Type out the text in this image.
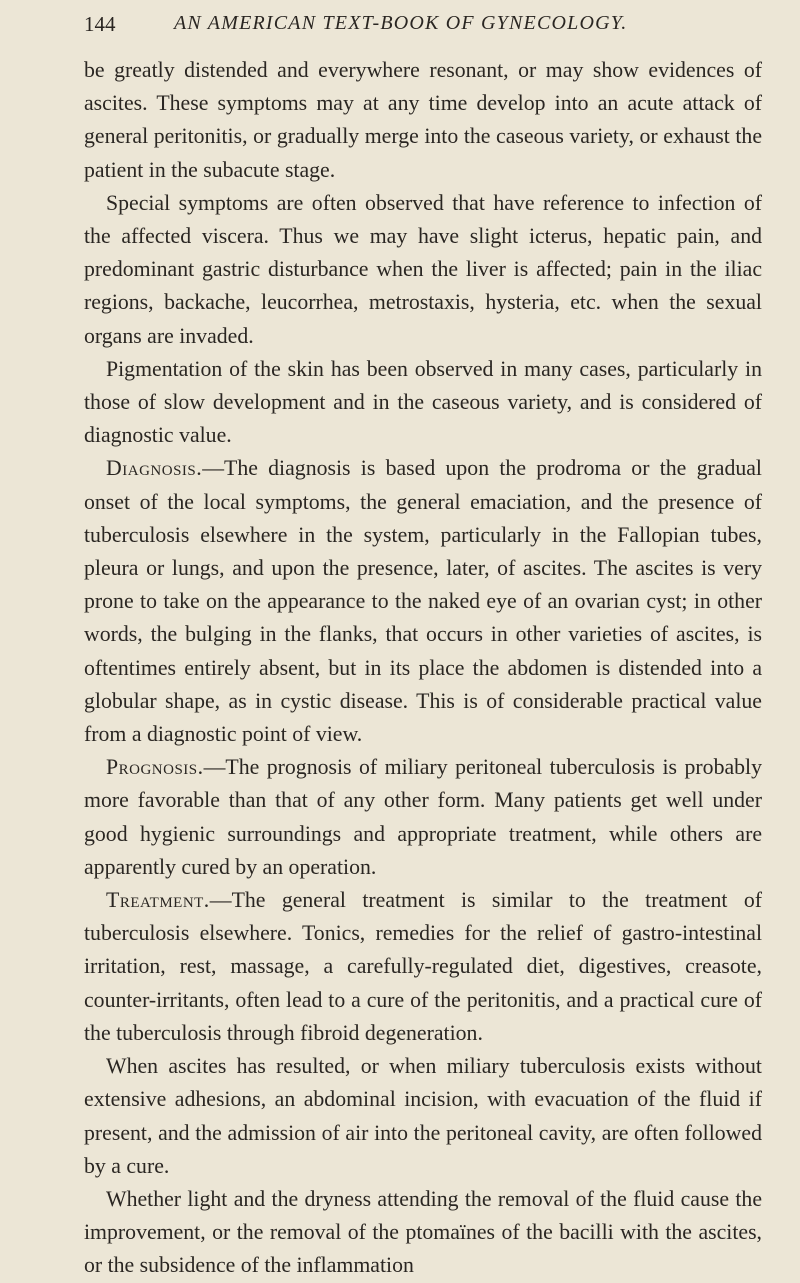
144	AN AMERICAN TEXT-BOOK OF GYNECOLOGY.

be greatly distended and everywhere resonant, or may show evidences of ascites. These symptoms may at any time develop into an acute attack of general peritonitis, or gradually merge into the caseous variety, or exhaust the patient in the subacute stage.

Special symptoms are often observed that have reference to infection of the affected viscera. Thus we may have slight icterus, hepatic pain, and predominant gastric disturbance when the liver is affected; pain in the iliac regions, backache, leucorrhea, metrostaxis, hysteria, etc. when the sexual organs are invaded.

Pigmentation of the skin has been observed in many cases, particularly in those of slow development and in the caseous variety, and is considered of diagnostic value.

Diagnosis.—The diagnosis is based upon the prodroma or the gradual onset of the local symptoms, the general emaciation, and the presence of tuberculosis elsewhere in the system, particularly in the Fallopian tubes, pleura or lungs, and upon the presence, later, of ascites. The ascites is very prone to take on the appearance to the naked eye of an ovarian cyst; in other words, the bulging in the flanks, that occurs in other varieties of ascites, is oftentimes entirely absent, but in its place the abdomen is distended into a globular shape, as in cystic disease. This is of considerable practical value from a diagnostic point of view.

Prognosis.—The prognosis of miliary peritoneal tuberculosis is probably more favorable than that of any other form. Many patients get well under good hygienic surroundings and appropriate treatment, while others are apparently cured by an operation.

Treatment.—The general treatment is similar to the treatment of tuberculosis elsewhere. Tonics, remedies for the relief of gastro-intestinal irritation, rest, massage, a carefully-regulated diet, digestives, creasote, counter-irritants, often lead to a cure of the peritonitis, and a practical cure of the tuberculosis through fibroid degeneration.

When ascites has resulted, or when miliary tuberculosis exists without extensive adhesions, an abdominal incision, with evacuation of the fluid if present, and the admission of air into the peritoneal cavity, are often followed by a cure.

Whether light and the dryness attending the removal of the fluid cause the improvement, or the removal of the ptomaïnes of the bacilli with the ascites, or the subsidence of the inflammation
